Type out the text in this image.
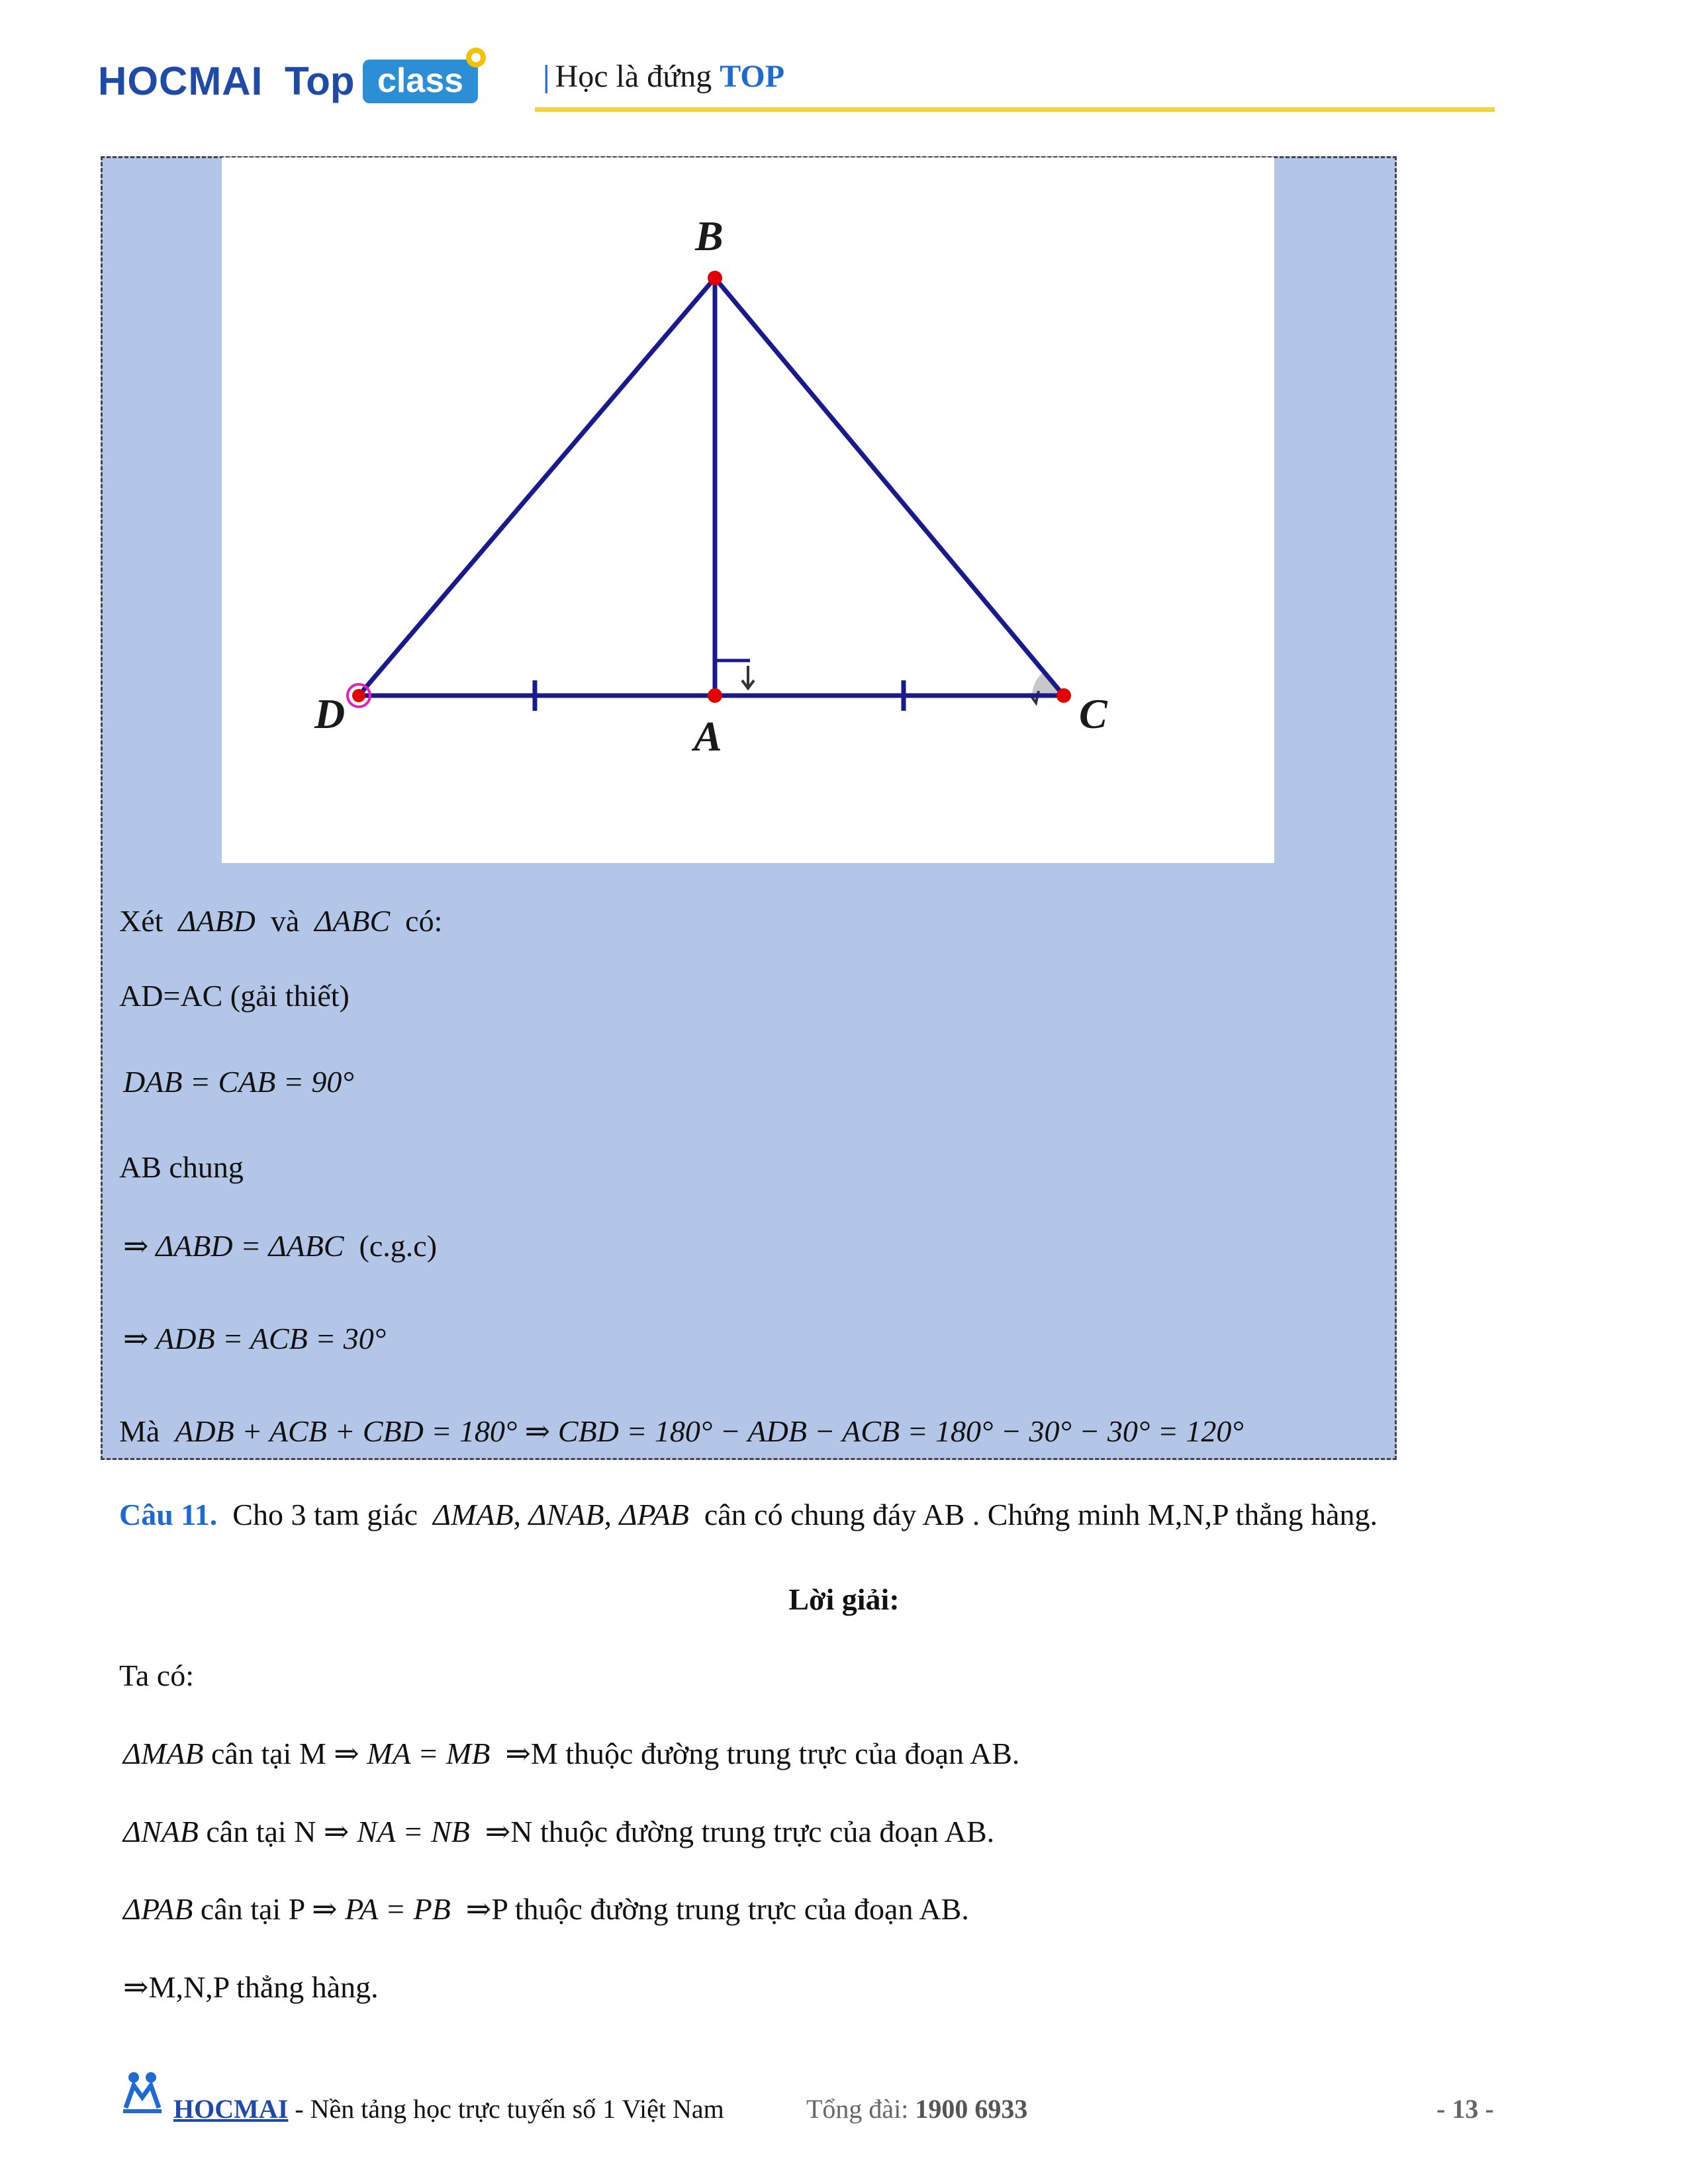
HOCMAI Top class	| Học là đứng TOP
B
D	A	C
Xét ΔABD và ΔABC có:
AD=AC (gải thiết)
DAB = CAB = 90°
AB chung
⇒ ΔABD = ΔABC (c.g.c)
⇒ ADB = ACB = 30°
Mà ADB + ACB + CBD = 180° ⇒ CBD = 180° − ADB − ACB = 180° − 30° − 30° = 120°
Câu 11. Cho 3 tam giác ΔMAB, ΔNAB, ΔPAB cân có chung đáy AB . Chứng minh M,N,P thẳng hàng.
Lời giải:
Ta có:
ΔMAB cân tại M ⇒ MA = MB ⇒M thuộc đường trung trực của đoạn AB.
ΔNAB cân tại N ⇒ NA = NB ⇒N thuộc đường trung trực của đoạn AB.
ΔPAB cân tại P ⇒ PA = PB ⇒P thuộc đường trung trực của đoạn AB.
⇒M,N,P thẳng hàng.
HOCMAI - Nền tảng học trực tuyến số 1 Việt Nam	Tổng đài: 1900 6933	- 13 -
